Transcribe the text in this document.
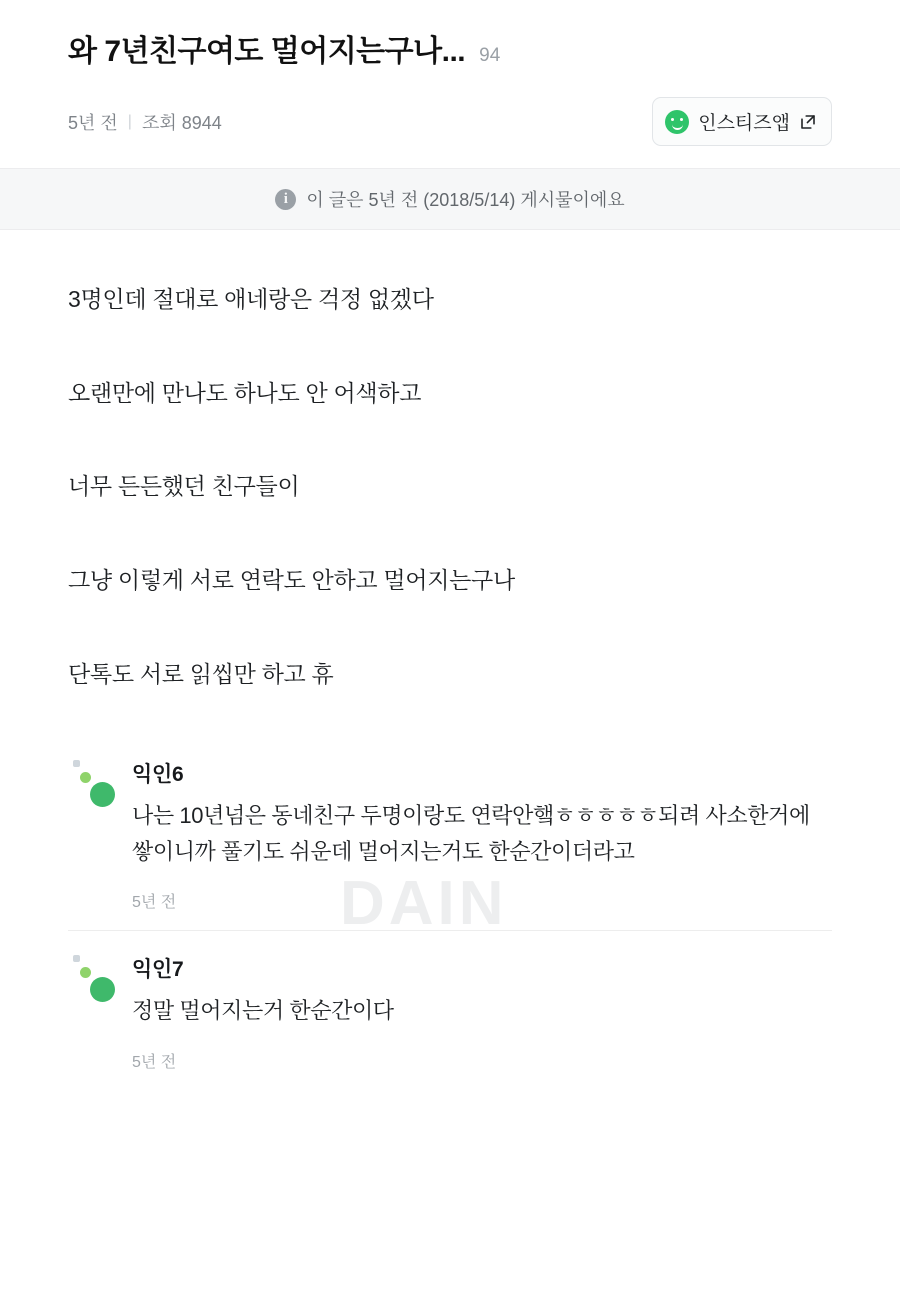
와 7년친구여도 멀어지는구나... 94
5년 전 | 조회 8944	인스티즈앱
i	이 글은 5년 전 (2018/5/14) 게시물이에요

3명인데 절대로 애네랑은 걱정 없겠다

오랜만에 만나도 하나도 안 어색하고

너무 든든했던 친구들이

그냥 이렇게 서로 연락도 안하고 멀어지는구나

단톡도 서로 읽씹만 하고 휴

DAIN
익인6
나는 10년넘은 동네친구 두명이랑도 연락안햌ㅎㅎㅎㅎㅎ되려 사소한거에 쌓이니까 풀기도 쉬운데 멀어지는거도 한순간이더라고
5년 전
익인7
정말 멀어지는거 한순간이다
5년 전
